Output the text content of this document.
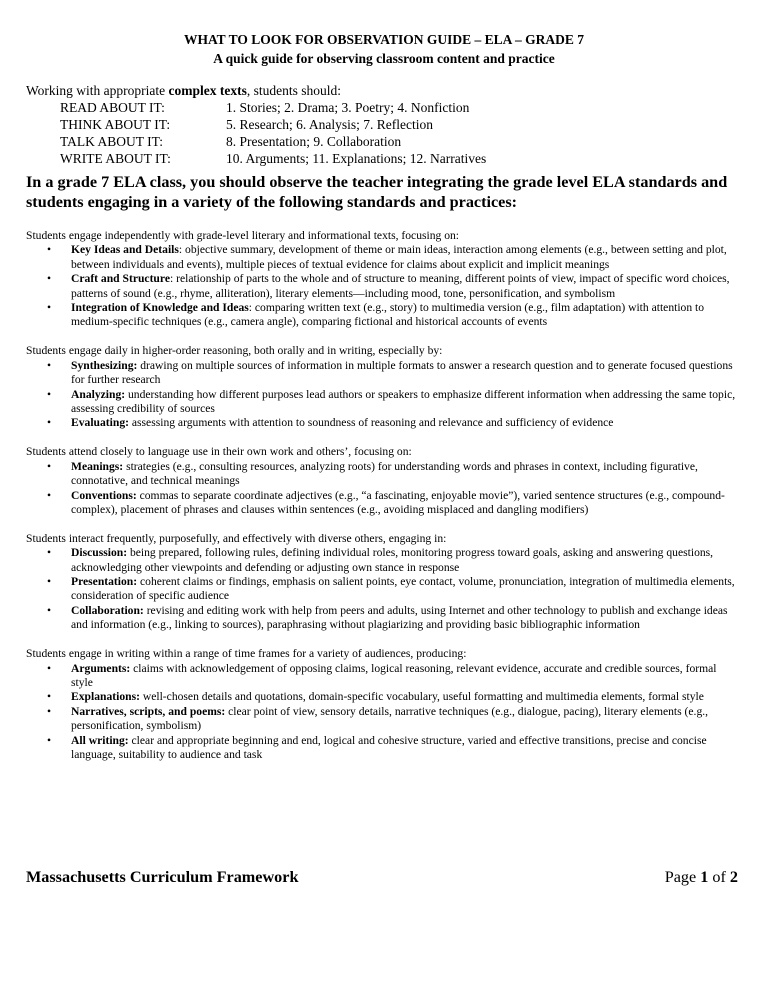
WHAT TO LOOK FOR OBSERVATION GUIDE – ELA – GRADE 7
A quick guide for observing classroom content and practice
Working with appropriate complex texts, students should:
READ ABOUT IT:	1. Stories; 2. Drama; 3. Poetry; 4. Nonfiction
THINK ABOUT IT:	5. Research; 6. Analysis; 7. Reflection
TALK ABOUT IT:	8. Presentation; 9. Collaboration
WRITE ABOUT IT:	10. Arguments; 11. Explanations; 12. Narratives
In a grade 7 ELA class, you should observe the teacher integrating the grade level ELA standards and students engaging in a variety of the following standards and practices:

Students engage independently with grade-level literary and informational texts, focusing on:

• Key Ideas and Details: objective summary, development of theme or main ideas, interaction among elements (e.g., between setting and plot, between individuals and events), multiple pieces of textual evidence for claims about explicit and implicit meanings
• Craft and Structure: relationship of parts to the whole and of structure to meaning, different points of view, impact of specific word choices, patterns of sound (e.g., rhyme, alliteration), literary elements—including mood, tone, personification, and symbolism
• Integration of Knowledge and Ideas: comparing written text (e.g., story) to multimedia version (e.g., film adaptation) with attention to medium-specific techniques (e.g., camera angle), comparing fictional and historical accounts of events

Students engage daily in higher-order reasoning, both orally and in writing, especially by:

• Synthesizing: drawing on multiple sources of information in multiple formats to answer a research question and to generate focused questions for further research
• Analyzing: understanding how different purposes lead authors or speakers to emphasize different information when addressing the same topic, assessing credibility of sources
• Evaluating: assessing arguments with attention to soundness of reasoning and relevance and sufficiency of evidence

Students attend closely to language use in their own work and others’, focusing on:

• Meanings: strategies (e.g., consulting resources, analyzing roots) for understanding words and phrases in context, including figurative, connotative, and technical meanings
• Conventions: commas to separate coordinate adjectives (e.g., “a fascinating, enjoyable movie”), varied sentence structures (e.g., compound-complex), placement of phrases and clauses within sentences (e.g., avoiding misplaced and dangling modifiers)

Students interact frequently, purposefully, and effectively with diverse others, engaging in:

• Discussion: being prepared, following rules, defining individual roles, monitoring progress toward goals, asking and answering questions, acknowledging other viewpoints and defending or adjusting own stance in response
• Presentation: coherent claims or findings, emphasis on salient points, eye contact, volume, pronunciation, integration of multimedia elements, consideration of specific audience
• Collaboration: revising and editing work with help from peers and adults, using Internet and other technology to publish and exchange ideas and information (e.g., linking to sources), paraphrasing without plagiarizing and providing basic bibliographic information

Students engage in writing within a range of time frames for a variety of audiences, producing:

• Arguments: claims with acknowledgement of opposing claims, logical reasoning, relevant evidence, accurate and credible sources, formal style
• Explanations: well-chosen details and quotations, domain-specific vocabulary, useful formatting and multimedia elements, formal style
• Narratives, scripts, and poems: clear point of view, sensory details, narrative techniques (e.g., dialogue, pacing), literary elements (e.g., personification, symbolism)
• All writing: clear and appropriate beginning and end, logical and cohesive structure, varied and effective transitions, precise and concise language, suitability to audience and task
Massachusetts Curriculum Framework	Page 1 of 2
